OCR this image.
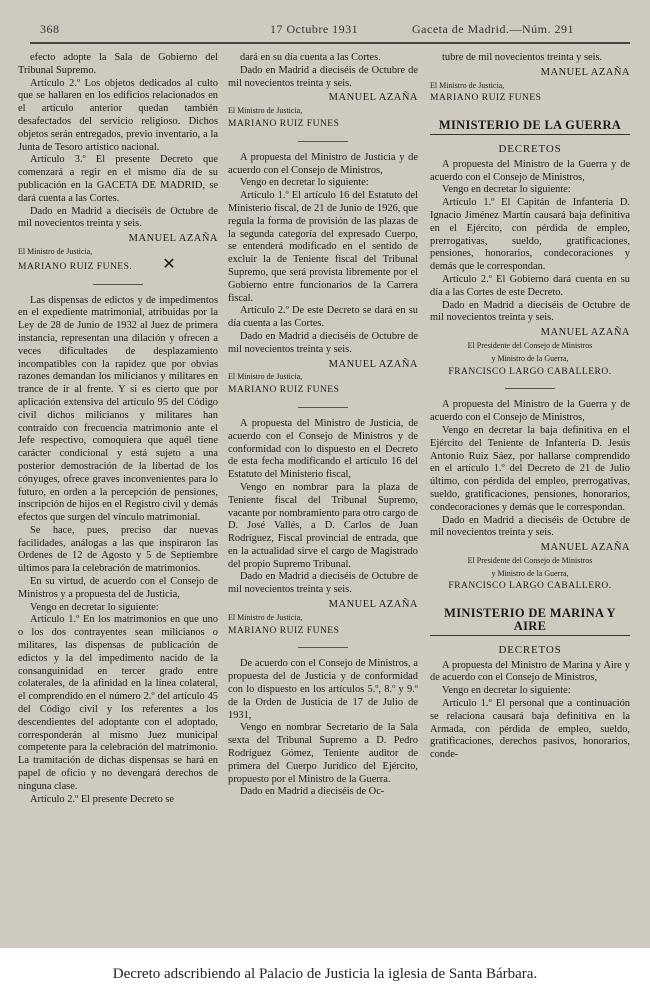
368	17 Octubre 1931	Gaceta de Madrid.—Núm. 291

efecto adopte la Sala de Gobierno del Tribunal Supremo.

Artículo 2.º Los objetos dedicados al culto que se hallaren en los edificios relacionados en el artículo anterior quedan también desafectados del servicio religioso. Dichos objetos serán entregados, previo inventario, a la Junta de Tesoro artístico nacional.

Artículo 3.º El presente Decreto que comenzará a regir en el mismo día de su publicación en la GACETA DE MADRID, se dará cuenta a las Cortes.

Dado en Madrid a dieciséis de Octubre de mil novecientos treinta y seis.

MANUEL AZAÑA

El Ministro de Justicia,

MARIANO RUIZ FUNES. ✕

Las dispensas de edictos y de impedimentos en el expediente matrimonial, atribuidas por la Ley de 28 de Junio de 1932 al Juez de primera instancia, representan una dilación y ofrecen a veces dificultades de desplazamiento incompatibles con la rapidez que por obvias razones demandan los milicianos y militares en trance de ir al frente. Y si es cierto que por aplicación extensiva del artículo 95 del Código civil dichos milicianos y militares han contraído con frecuencia matrimonio ante el Jefe respectivo, comoquiera que aquél tiene carácter condicional y está sujeto a una posterior demostración de la libertad de los cónyuges, ofrece graves inconvenientes para lo futuro, en orden a la percepción de pensiones, inscripción de hijos en el Registro civil y demás efectos que surgen del vínculo matrimonial.

Se hace, pues, preciso dar nuevas facilidades, análogas a las que inspiraron las Ordenes de 12 de Agosto y 5 de Septiembre últimos para la celebración de matrimonios.

En su virtud, de acuerdo con el Consejo de Ministros y a propuesta del de Justicia,

Vengo en decretar lo siguiente:

Artículo 1.º En los matrimonios en que uno o los dos contrayentes sean milicianos o militares, las dispensas de publicación de edictos y la del impedimento nacido de la consanguinidad en tercer grado entre colaterales, de la afinidad en la línea colateral, el comprendido en el número 2.º del artículo 45 del Código civil y los referentes a los descendientes del adoptante con el adoptado, corresponderán al mismo Juez municipal competente para la celebración del matrimonio. La tramitación de dichas dispensas se hará en papel de oficio y no devengará derechos de ninguna clase.

Artículo 2.º El presente Decreto se

dará en su día cuenta a las Cortes.

Dado en Madrid a dieciséis de Octubre de mil novecientos treinta y seis.

MANUEL AZAÑA

El Ministro de Justicia,

MARIANO RUIZ FUNES

A propuesta del Ministro de Justicia y de acuerdo con el Consejo de Ministros,

Vengo en decretar lo siguiente:

Artículo 1.º El artículo 16 del Estatuto del Ministerio fiscal, de 21 de Junio de 1926, que regula la forma de provisión de las plazas de la segunda categoría del expresado Cuerpo, se entenderá modificado en el sentido de excluir la de Teniente fiscal del Tribunal Supremo, que será provista libremente por el Gobierno entre funcionarios de la Carrera fiscal.

Artículo 2.º De este Decreto se dará en su día cuenta a las Cortes.

Dado en Madrid a dieciséis de Octubre de mil novecientos treinta y seis.

MANUEL AZAÑA

El Ministro de Justicia,

MARIANO RUIZ FUNES

A propuesta del Ministro de Justicia, de acuerdo con el Consejo de Ministros y de conformidad con lo dispuesto en el Decreto de esta fecha modificando el artículo 16 del Estatuto del Ministerio fiscal,

Vengo en nombrar para la plaza de Teniente fiscal del Tribunal Supremo, vacante por nombramiento para otro cargo de D. José Vallés, a D. Carlos de Juan Rodríguez, Fiscal provincial de entrada, que en la actualidad sirve el cargo de Magistrado del propio Supremo Tribunal.

Dado en Madrid a dieciséis de Octubre de mil novecientos treinta y seis.

MANUEL AZAÑA

El Ministro de Justicia,

MARIANO RUIZ FUNES

De acuerdo con el Consejo de Ministros, a propuesta del de Justicia y de conformidad con lo dispuesto en los artículos 5.º, 8.º y 9.º de la Orden de Justicia de 17 de Julio de 1931,

Vengo en nombrar Secretario de la Sala sexta del Tribunal Supremo a D. Pedro Rodríguez Gómez, Teniente auditor de primera del Cuerpo Jurídico del Ejército, propuesto por el Ministro de la Guerra.

Dado en Madrid a dieciséis de Oc-

tubre de mil novecientos treinta y seis.

MANUEL AZAÑA

El Ministro de Justicia,

MARIANO RUIZ FUNES

MINISTERIO DE LA GUERRA
DECRETOS

A propuesta del Ministro de la Guerra y de acuerdo con el Consejo de Ministros,

Vengo en decretar lo siguiente:

Artículo 1.º El Capitán de Infantería D. Ignacio Jiménez Martín causará baja definitiva en el Ejército, con pérdida de empleo, prerrogativas, sueldo, gratificaciones, pensiones, honorarios, condecoraciones y demás que le correspondan.

Artículo 2.º El Gobierno dará cuenta en su día a las Cortes de este Decreto.

Dado en Madrid a dieciséis de Octubre de mil novecientos treinta y seis.

MANUEL AZAÑA

El Presidente del Consejo de Ministros

y Ministro de la Guerra,

FRANCISCO LARGO CABALLERO.

A propuesta del Ministro de la Guerra y de acuerdo con el Consejo de Ministros,

Vengo en decretar la baja definitiva en el Ejército del Teniente de Infantería D. Jesús Antonio Ruiz Sáez, por hallarse comprendido en el artículo 1.º del Decreto de 21 de Julio último, con pérdida del empleo, prerrogativas, sueldo, gratificaciones, pensiones, honorarios, condecoraciones y demás que le correspondan.

Dado en Madrid a dieciséis de Octubre de mil novecientos treinta y seis.

MANUEL AZAÑA

El Presidente del Consejo de Ministros

y Ministro de la Guerra,

FRANCISCO LARGO CABALLERO.

MINISTERIO DE MARINA Y AIRE
DECRETOS

A propuesta del Ministro de Marina y Aire y de acuerdo con el Consejo de Ministros,

Vengo en decretar lo siguiente:

Artículo 1.º El personal que a continuación se relaciona causará baja definitiva en la Armada, con pérdida de empleo, sueldo, gratificaciones, derechos pasivos, honorarios, conde-

Decreto adscribiendo al Palacio de Justicia la iglesia de Santa Bárbara.
